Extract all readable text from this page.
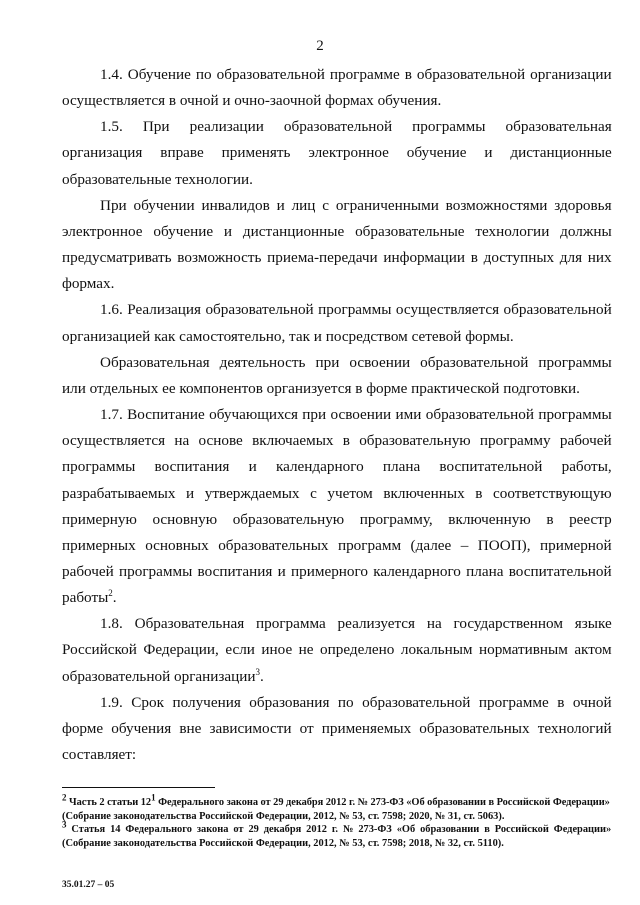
2
1.4. Обучение по образовательной программе в образовательной организации
осуществляется в очной и очно-заочной формах обучения.
1.5. При реализации образовательной программы образовательная
организация вправе применять электронное обучение и дистанционные
образовательные технологии.
При обучении инвалидов и лиц с ограниченными возможностями здоровья
электронное обучение и дистанционные образовательные технологии должны
предусматривать возможность приема-передачи информации в доступных для них
формах.
1.6. Реализация образовательной программы осуществляется образовательной
организацией как самостоятельно, так и посредством сетевой формы.
Образовательная деятельность при освоении образовательной программы
или отдельных ее компонентов организуется в форме практической подготовки.
1.7. Воспитание обучающихся при освоении ими образовательной программы
осуществляется на основе включаемых в образовательную программу рабочей
программы воспитания и календарного плана воспитательной работы,
разрабатываемых и утверждаемых с учетом включенных в соответствующую
примерную основную образовательную программу, включенную в реестр
примерных основных образовательных программ (далее – ПООП), примерной
рабочей программы воспитания и примерного календарного плана воспитательной
работы$^2$.
1.8. Образовательная программа реализуется на государственном языке
Российской Федерации, если иное не определено локальным нормативным актом
образовательной организации$^3$.
1.9. Срок получения образования по образовательной программе в очной
форме обучения вне зависимости от применяемых образовательных технологий
составляет:
$^2$ Часть 2 статьи $12^1$ Федерального закона от 29 декабря 2012 г. № 273-ФЗ «Об образовании в Российской Федерации»
(Собрание законодательства Российской Федерации, 2012, № 53, ст. 7598; 2020, № 31, ст. 5063).
$^3$ Статья 14 Федерального закона от 29 декабря 2012 г. № 273-ФЗ «Об образовании в Российской Федерации»
(Собрание законодательства Российской Федерации, 2012, № 53, ст. 7598; 2018, № 32, ст. 5110).
35.01.27 – 05
